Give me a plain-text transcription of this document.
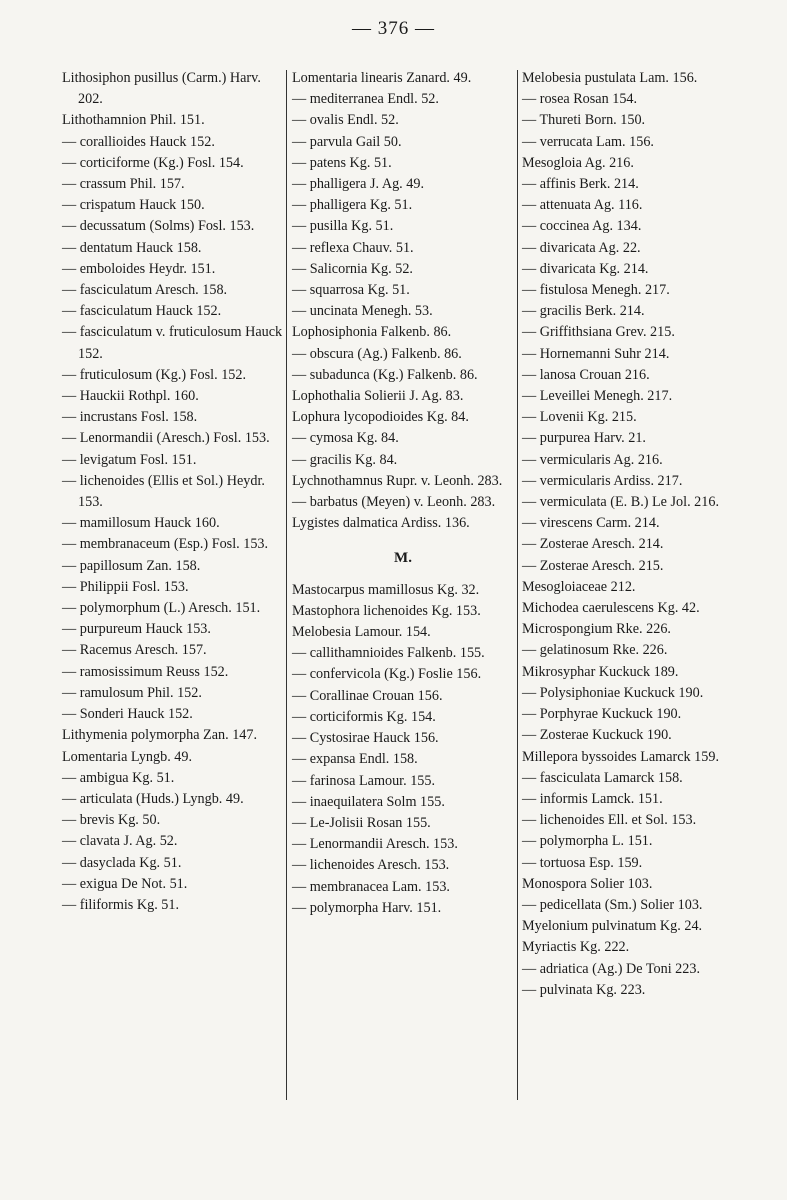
— 376 —
Lithosiphon pusillus (Carm.) Harv. 202.
Lithothamnion Phil. 151.
— corallioides Hauck 152.
— corticiforme (Kg.) Fosl. 154.
— crassum Phil. 157.
— crispatum Hauck 150.
— decussatum (Solms) Fosl. 153.
— dentatum Hauck 158.
— emboloides Heydr. 151.
— fasciculatum Aresch. 158.
— fasciculatum Hauck 152.
— fasciculatum v. fruticulosum Hauck 152.
— fruticulosum (Kg.) Fosl. 152.
— Hauckii Rothpl. 160.
— incrustans Fosl. 158.
— Lenormandii (Aresch.) Fosl. 153.
— levigatum Fosl. 151.
— lichenoides (Ellis et Sol.) Heydr. 153.
— mamillosum Hauck 160.
— membranaceum (Esp.) Fosl. 153.
— papillosum Zan. 158.
— Philippii Fosl. 153.
— polymorphum (L.) Aresch. 151.
— purpureum Hauck 153.
— Racemus Aresch. 157.
— ramosissimum Reuss 152.
— ramulosum Phil. 152.
— Sonderi Hauck 152.
Lithymenia polymorpha Zan. 147.
Lomentaria Lyngb. 49.
— ambigua Kg. 51.
— articulata (Huds.) Lyngb. 49.
— brevis Kg. 50.
— clavata J. Ag. 52.
— dasyclada Kg. 51.
— exigua De Not. 51.
— filiformis Kg. 51.
Lomentaria linearis Zanard. 49.
— mediterranea Endl. 52.
— ovalis Endl. 52.
— parvula Gail 50.
— patens Kg. 51.
— phalligera J. Ag. 49.
— phalligera Kg. 51.
— pusilla Kg. 51.
— reflexa Chauv. 51.
— Salicornia Kg. 52.
— squarrosa Kg. 51.
— uncinata Menegh. 53.
Lophosiphonia Falkenb. 86.
— obscura (Ag.) Falkenb. 86.
— subadunca (Kg.) Falkenb. 86.
Lophothalia Solierii J. Ag. 83.
Lophura lycopodioides Kg. 84.
— cymosa Kg. 84.
— gracilis Kg. 84.
Lychnothamnus Rupr. v. Leonh. 283.
— barbatus (Meyen) v. Leonh. 283.
Lygistes dalmatica Ardiss. 136.
M.
Mastocarpus mamillosus Kg. 32.
Mastophora lichenoides Kg. 153.
Melobesia Lamour. 154.
— callithamnioides Falkenb. 155.
— confervicola (Kg.) Foslie 156.
— Corallinae Crouan 156.
— corticiformis Kg. 154.
— Cystosirae Hauck 156.
— expansa Endl. 158.
— farinosa Lamour. 155.
— inaequilatera Solm 155.
— Le-Jolisii Rosan 155.
— Lenormandii Aresch. 153.
— lichenoides Aresch. 153.
— membranacea Lam. 153.
— polymorpha Harv. 151.
Melobesia pustulata Lam. 156.
— rosea Rosan 154.
— Thureti Born. 150.
— verrucata Lam. 156.
Mesogloia Ag. 216.
— affinis Berk. 214.
— attenuata Ag. 116.
— coccinea Ag. 134.
— divaricata Ag. 22.
— divaricata Kg. 214.
— fistulosa Menegh. 217.
— gracilis Berk. 214.
— Griffithsiana Grev. 215.
— Hornemanni Suhr 214.
— lanosa Crouan 216.
— Leveillei Menegh. 217.
— Lovenii Kg. 215.
— purpurea Harv. 21.
— vermicularis Ag. 216.
— vermicularis Ardiss. 217.
— vermiculata (E. B.) Le Jol. 216.
— virescens Carm. 214.
— Zosterae Aresch. 214.
— Zosterae Aresch. 215.
Mesogloiaceae 212.
Michodea caerulescens Kg. 42.
Microspongium Rke. 226.
— gelatinosum Rke. 226.
Mikrosyphar Kuckuck 189.
— Polysiphoniae Kuckuck 190.
— Porphyrae Kuckuck 190.
— Zosterae Kuckuck 190.
Millepora byssoides Lamarck 159.
— fasciculata Lamarck 158.
— informis Lamck. 151.
— lichenoides Ell. et Sol. 153.
— polymorpha L. 151.
— tortuosa Esp. 159.
Monospora Solier 103.
— pedicellata (Sm.) Solier 103.
Myelonium pulvinatum Kg. 24.
Myriactis Kg. 222.
— adriatica (Ag.) De Toni 223.
— pulvinata Kg. 223.
